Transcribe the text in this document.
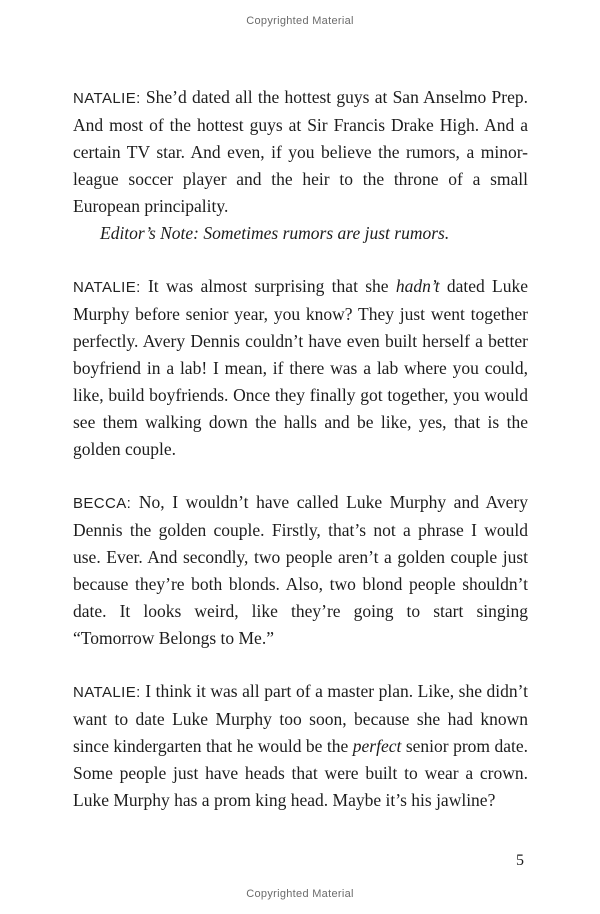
Copyrighted Material

NATALIE: She’d dated all the hottest guys at San Anselmo Prep. And most of the hottest guys at Sir Francis Drake High. And a certain TV star. And even, if you believe the rumors, a minor-league soccer player and the heir to the throne of a small European principality.

Editor’s Note: Sometimes rumors are just rumors.

NATALIE: It was almost surprising that she hadn’t dated Luke Murphy before senior year, you know? They just went together perfectly. Avery Dennis couldn’t have even built herself a better boyfriend in a lab! I mean, if there was a lab where you could, like, build boyfriends. Once they finally got together, you would see them walking down the halls and be like, yes, that is the golden couple.

BECCA: No, I wouldn’t have called Luke Murphy and Avery Dennis the golden couple. Firstly, that’s not a phrase I would use. Ever. And secondly, two people aren’t a golden couple just because they’re both blonds. Also, two blond people shouldn’t date. It looks weird, like they’re going to start singing “Tomorrow Belongs to Me.”

NATALIE: I think it was all part of a master plan. Like, she didn’t want to date Luke Murphy too soon, because she had known since kindergarten that he would be the perfect senior prom date. Some people just have heads that were built to wear a crown. Luke Murphy has a prom king head. Maybe it’s his jawline?

5
Copyrighted Material
